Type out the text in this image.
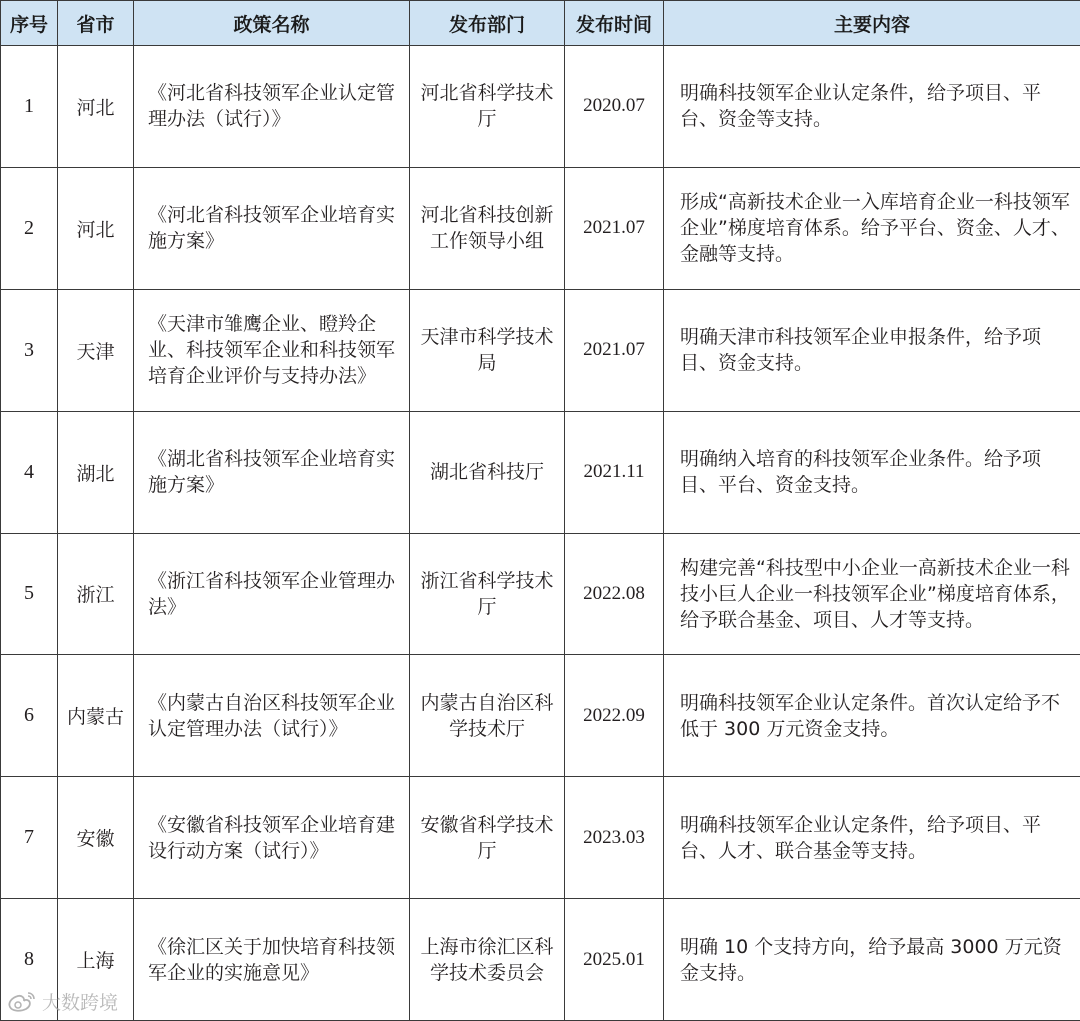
序号	省市	政策名称	发布部门	发布时间	主要内容
1	河北	《河北省科技领军企业认定管理办法（试行）》	河北省科学技术厅	2020.07	明确科技领军企业认定条件，给予项目、平台、资金等支持。
2	河北	《河北省科技领军企业培育实施方案》	河北省科技创新工作领导小组	2021.07	形成“高新技术企业一入库培育企业一科技领军企业”梯度培育体系。给予平台、资金、人才、金融等支持。
3	天津	《天津市雏鹰企业、瞪羚企业、科技领军企业和科技领军培育企业评价与支持办法》	天津市科学技术局	2021.07	明确天津市科技领军企业申报条件，给予项目、资金支持。
4	湖北	《湖北省科技领军企业培育实施方案》	湖北省科技厅	2021.11	明确纳入培育的科技领军企业条件。给予项目、平台、资金支持。
5	浙江	《浙江省科技领军企业管理办法》	浙江省科学技术厅	2022.08	构建完善“科技型中小企业一高新技术企业一科技小巨人企业一科技领军企业”梯度培育体系，给予联合基金、项目、人才等支持。
6	内蒙古	《内蒙古自治区科技领军企业认定管理办法（试行）》	内蒙古自治区科学技术厅	2022.09	明确科技领军企业认定条件。首次认定给予不低于 300 万元资金支持。
7	安徽	《安徽省科技领军企业培育建设行动方案（试行）》	安徽省科学技术厅	2023.03	明确科技领军企业认定条件，给予项目、平台、人才、联合基金等支持。
8	上海	《徐汇区关于加快培育科技领军企业的实施意见》	上海市徐汇区科学技术委员会	2025.01	明确 10 个支持方向，给予最高 3000 万元资金支持。
大数跨境
